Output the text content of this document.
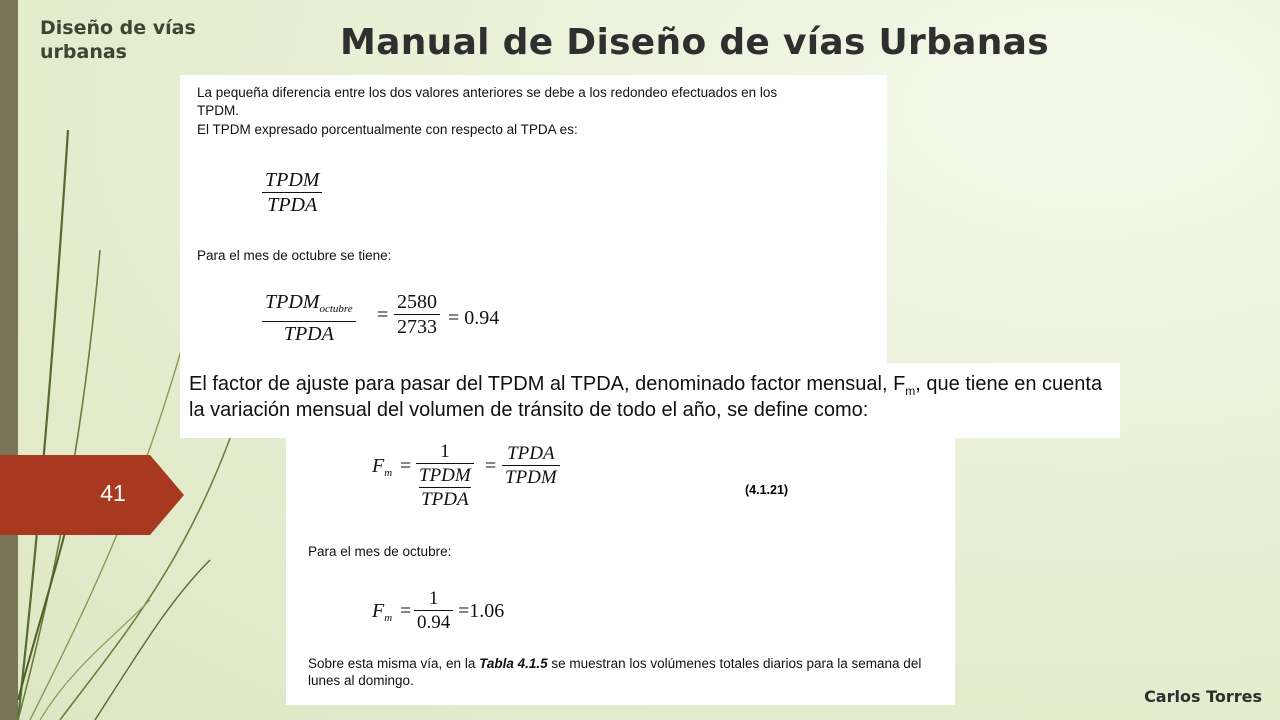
Diseño de vías urbanas	Manual de Diseño de vías Urbanas
41
Carlos Torres
La pequeña diferencia entre los dos valores anteriores se debe a los redondeo efectuados en los
TPDM.
El TPDM expresado porcentualmente con respecto al TPDA es:
TPDM
TPDA
Para el mes de octubre se tiene:
$TPDM_{octubre}$
TPDA
=
2580
2733 = 0.94
$F_m$ =
1
TPDM
TPDA
=
TPDA
TPDM
(4.1.21)
Para el mes de octubre:
$F_m$ =
1
0.94
=1.06
Sobre esta misma vía, en la Tabla 4.1.5 se muestran los volúmenes totales diarios para la semana del
lunes al domingo.
El factor de ajuste para pasar del TPDM al TPDA, denominado factor mensual, $F_m$, que tiene en cuenta
la variación mensual del volumen de tránsito de todo el año, se define como:
